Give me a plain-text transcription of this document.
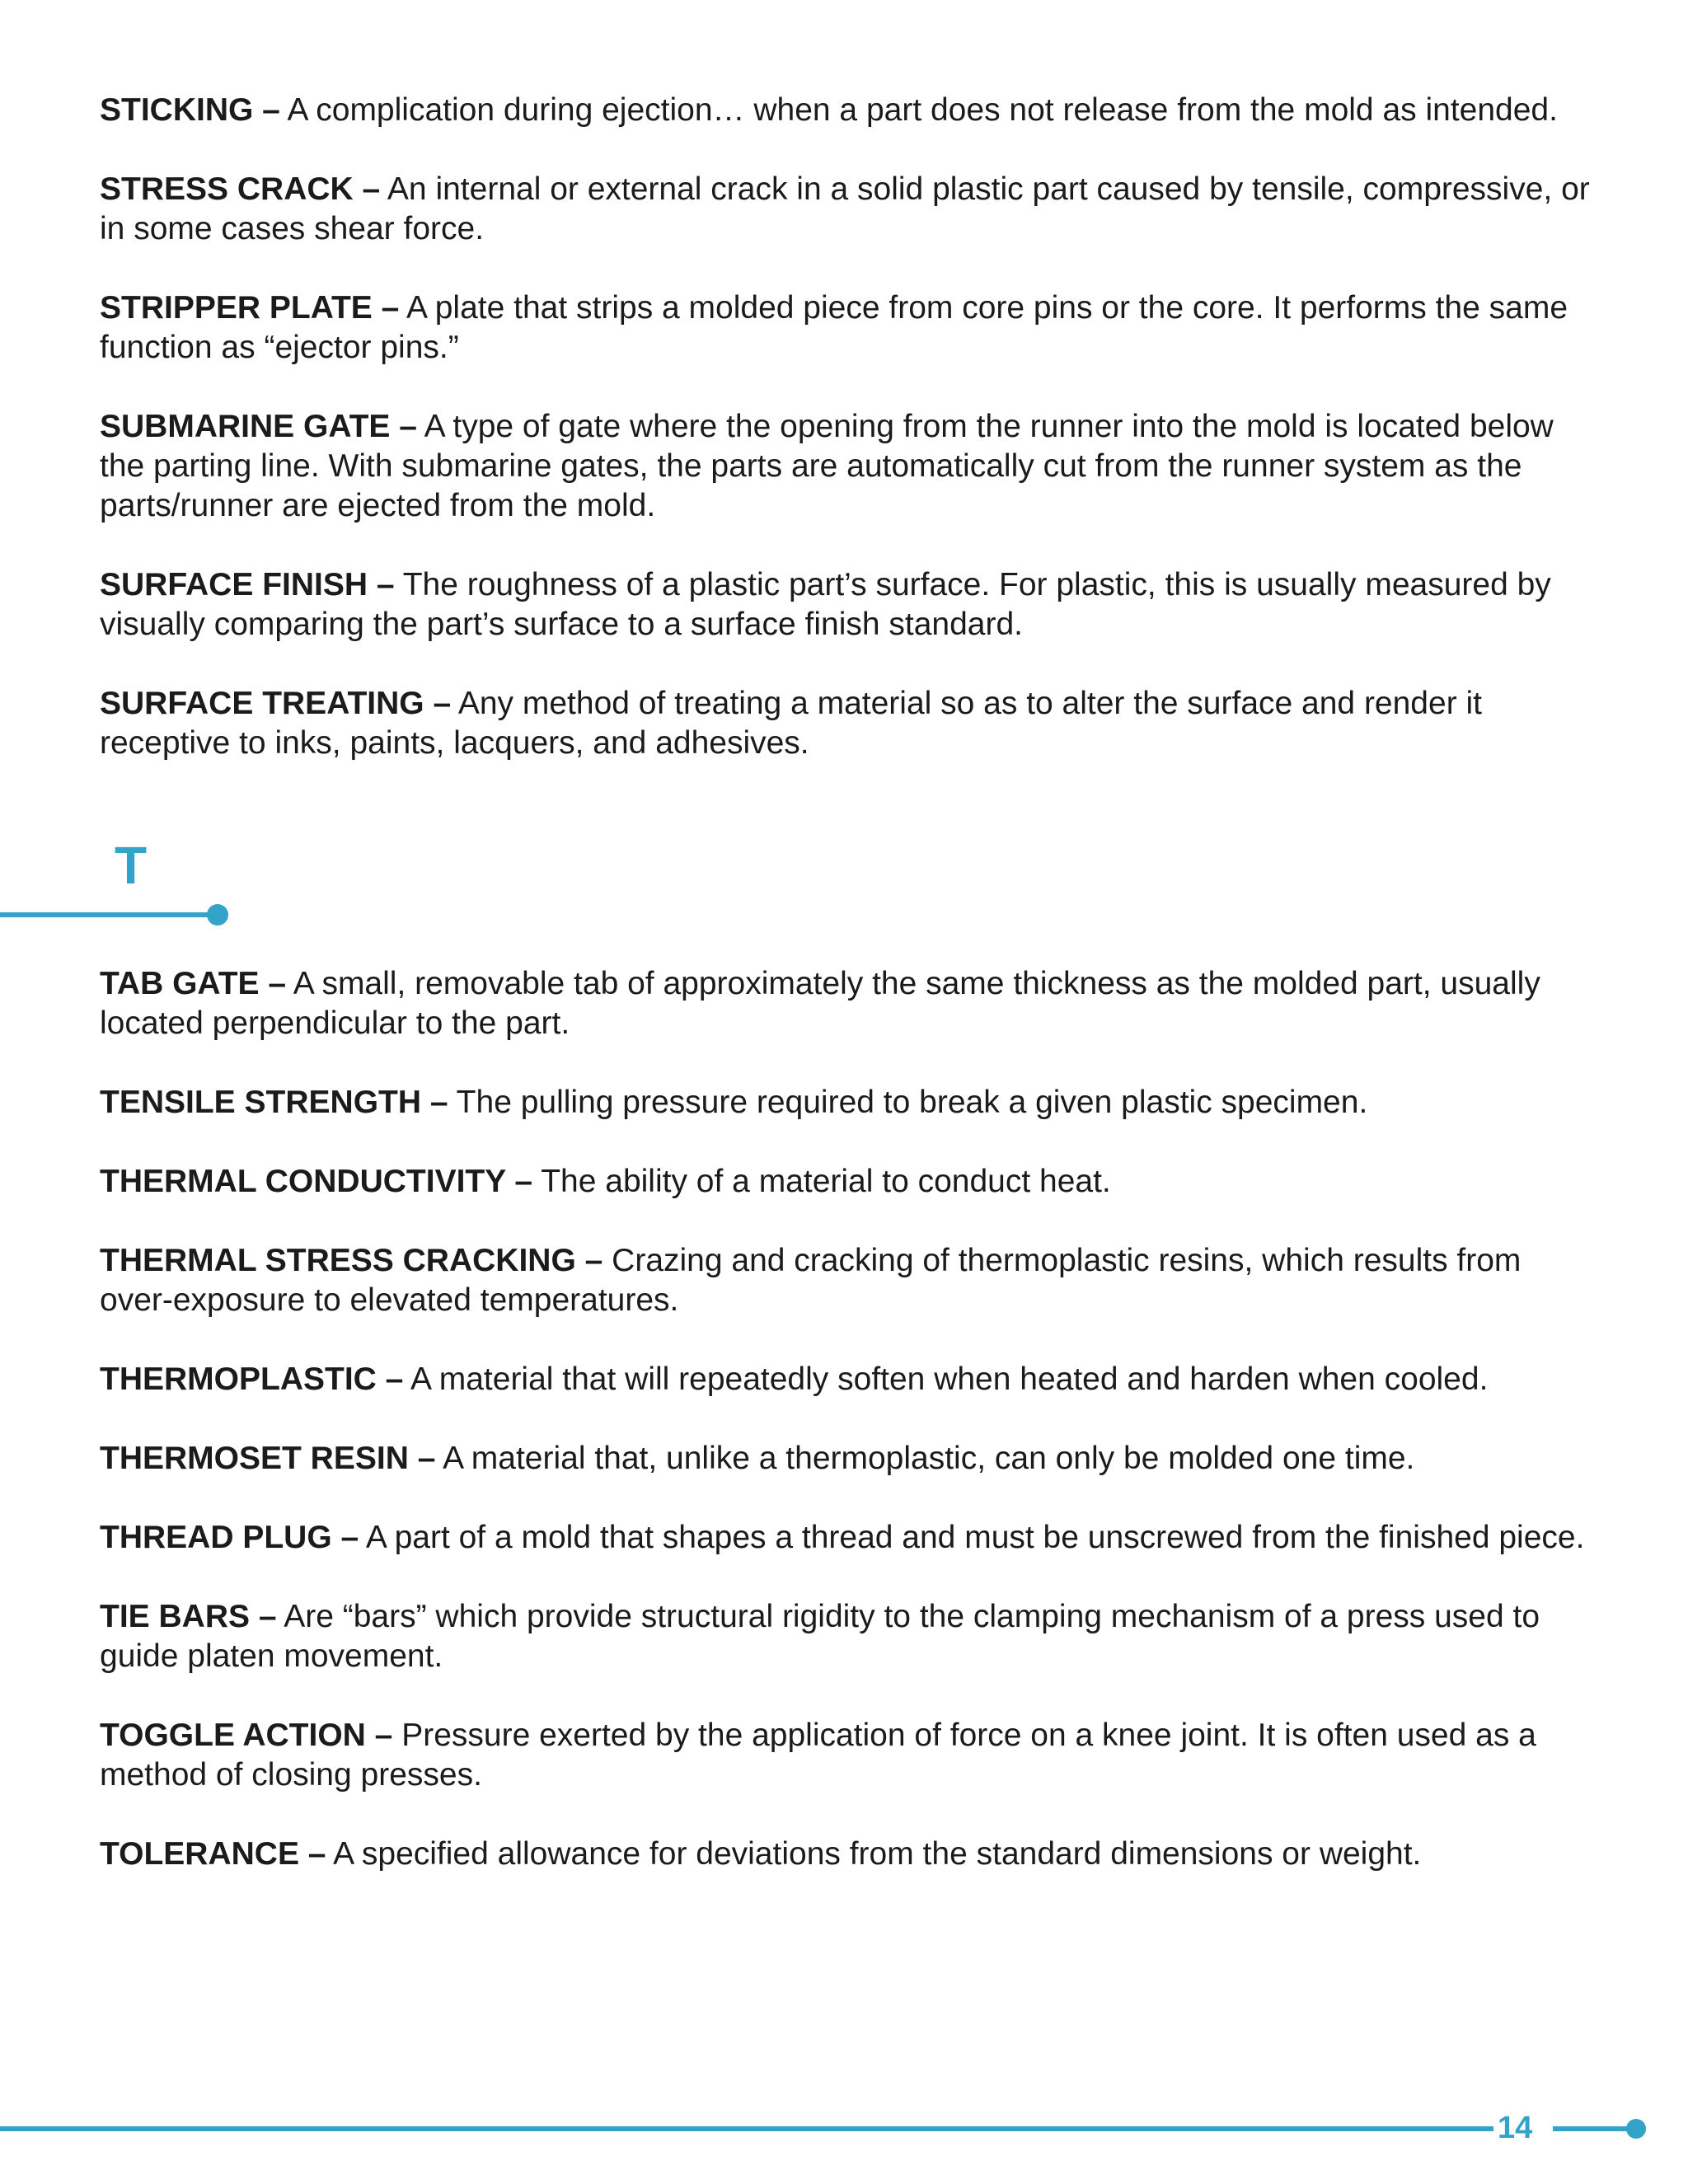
STICKING – A complication during ejection… when a part does not release from the mold as intended.

STRESS CRACK – An internal or external crack in a solid plastic part caused by tensile, compressive, or in some cases shear force.

STRIPPER PLATE – A plate that strips a molded piece from core pins or the core. It performs the same function as “ejector pins.”

SUBMARINE GATE – A type of gate where the opening from the runner into the mold is located below the parting line. With submarine gates, the parts are automatically cut from the runner system as the parts/runner are ejected from the mold.

SURFACE FINISH – The roughness of a plastic part’s surface. For plastic, this is usually measured by visually comparing the part’s surface to a surface finish standard.

SURFACE TREATING – Any method of treating a material so as to alter the surface and render it receptive to inks, paints, lacquers, and adhesives.

T

TAB GATE – A small, removable tab of approximately the same thickness as the molded part, usually located perpendicular to the part.

TENSILE STRENGTH – The pulling pressure required to break a given plastic specimen.

THERMAL CONDUCTIVITY – The ability of a material to conduct heat.

THERMAL STRESS CRACKING – Crazing and cracking of thermoplastic resins, which results from over-exposure to elevated temperatures.

THERMOPLASTIC – A material that will repeatedly soften when heated and harden when cooled.

THERMOSET RESIN – A material that, unlike a thermoplastic, can only be molded one time.

THREAD PLUG – A part of a mold that shapes a thread and must be unscrewed from the finished piece.

TIE BARS – Are “bars” which provide structural rigidity to the clamping mechanism of a press used to guide platen movement.

TOGGLE ACTION – Pressure exerted by the application of force on a knee joint. It is often used as a method of closing presses.

TOLERANCE – A specified allowance for deviations from the standard dimensions or weight.

14
